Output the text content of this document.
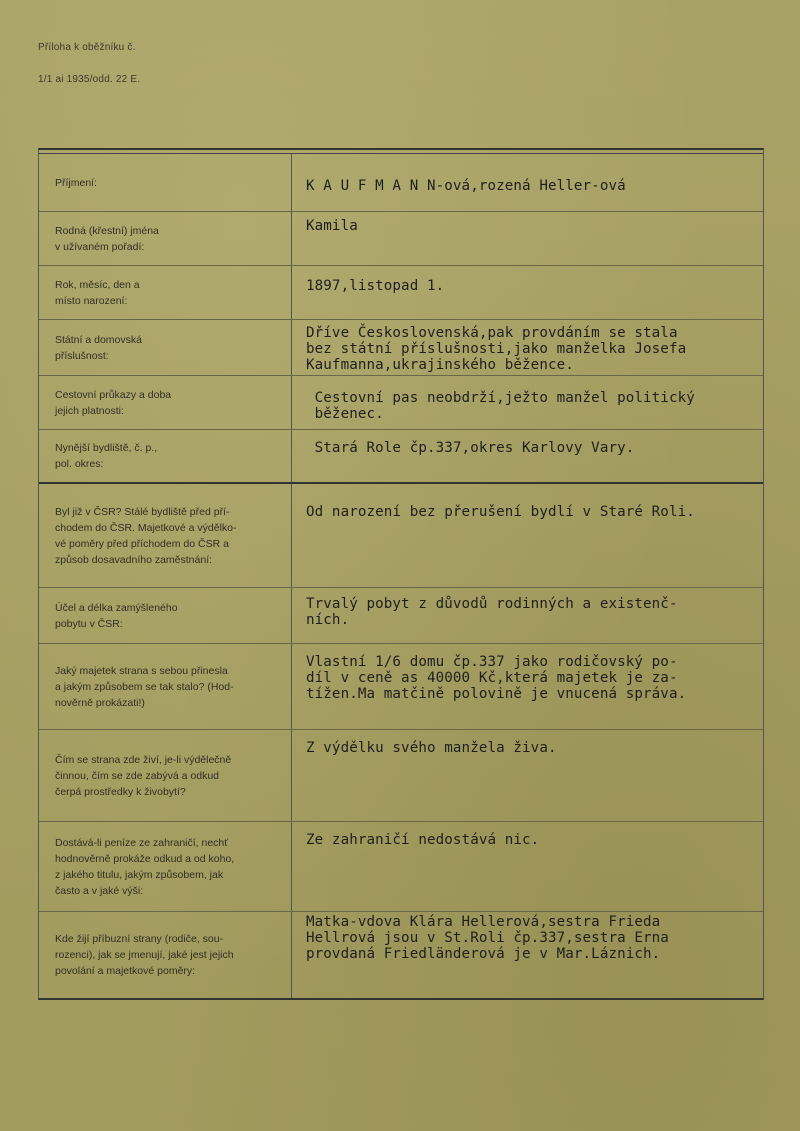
Příloha k oběžníku č.
1/1 ai 1935/odd. 22 E.
Příjmení:	K A U F M A N N-ová,rozená Heller-ová
Rodná (křestní) jména
v užívaném pořadí:
Kamila
Rok, měsíc, den a
místo narození:
1897,listopad 1.
Státní a domovská
příslušnost:
Dříve Československá,pak provdáním se stala
bez státní příslušnosti,jako manželka Josefa
Kaufmanna,ukrajinského běžence.
Cestovní průkazy a doba
jejich platnosti:
Cestovní pas neobdrží,ježto manžel politický
běženec.
Nynější bydliště, č. p.,
pol. okres:
Stará Role čp.337,okres Karlovy Vary.
Byl již v ČSR? Stálé bydliště před pří-
chodem do ČSR. Majetkové a výdělko-
vé poměry před příchodem do ČSR a
způsob dosavadního zaměstnání:
Od narození bez přerušení bydlí v Staré Roli.
Účel a délka zamýšleného
pobytu v ČSR:
Trvalý pobyt z důvodů rodinných a existenč-
ních.
Jaký majetek strana s sebou přinesla
a jakým způsobem se tak stalo? (Hod-
nověrně prokázati!)
Vlastní 1/6 domu čp.337 jako rodičovský po-
díl v ceně as 40000 Kč,která majetek je za-
tížen.Ma matčině polovině je vnucená správa.
Čím se strana zde živí, je-li výdělečně
činnou, čím se zde zabývá a odkud
čerpá prostředky k živobytí?
Z výdělku svého manžela živa.
Dostává-li peníze ze zahraničí, nechť
hodnověrně prokáže odkud a od koho,
z jakého titulu, jakým způsobem, jak
často a v jaké výši:
Ze zahraničí nedostává nic.
Kde žijí příbuzní strany (rodiče, sou-
rozenci), jak se jmenují, jaké jest jejich
povolání a majetkové poměry:
Matka-vdova Klára Hellerová,sestra Frieda
Hellrová jsou v St.Roli čp.337,sestra Erna
provdaná Friedländerová je v Mar.Láznich.
